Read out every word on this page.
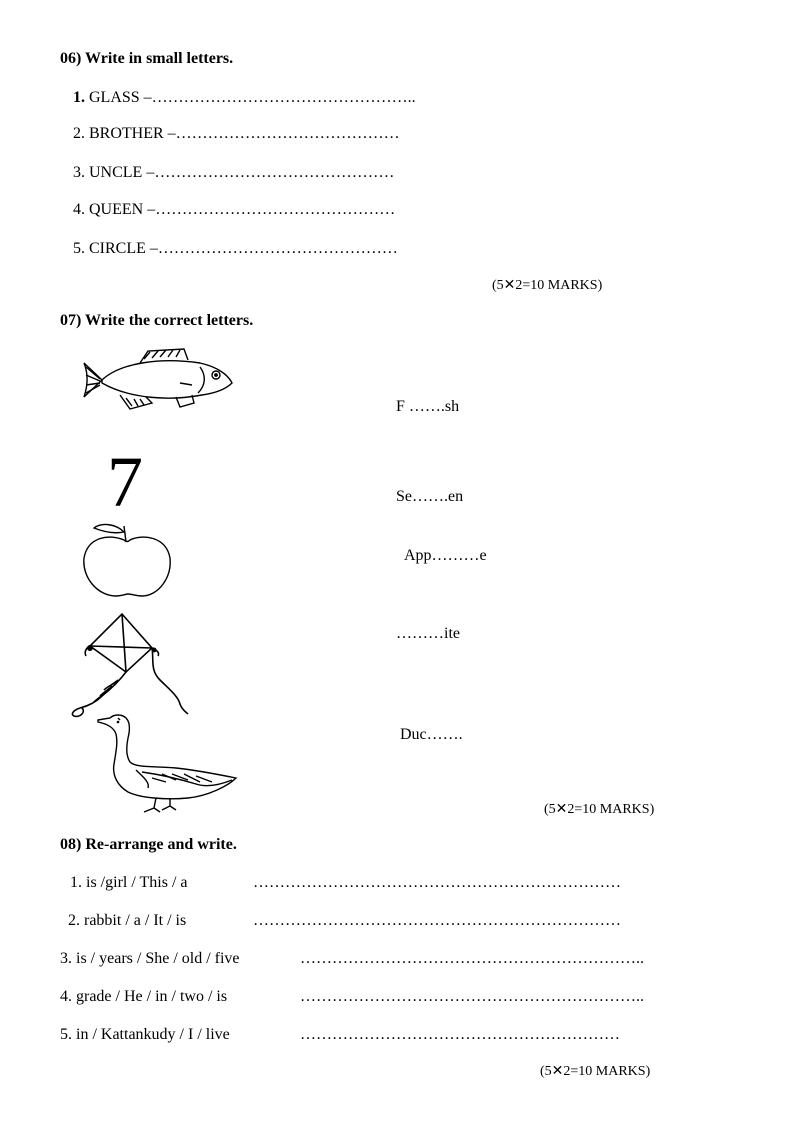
06) Write in small letters.
1. GLASS –…………………………………………..
2. BROTHER –……………………………………
3. UNCLE –………………………………………
4. QUEEN –………………………………………
5. CIRCLE –………………………………………
(5✕2=10 MARKS)
07) Write the correct letters.
F …….sh
7	Se…….en
App………e
………ite
Duc…….
(5✕2=10 MARKS)
08) Re-arrange and write.
1. is /girl / This / a	……………………………………………………………
2. rabbit / a / It / is	……………………………………………………………
3. is / years / She / old / five	………………………………………………………..
4. grade / He / in / two / is	………………………………………………………..
5. in / Kattankudy / I / live	……………………………………………………
(5✕2=10 MARKS)
